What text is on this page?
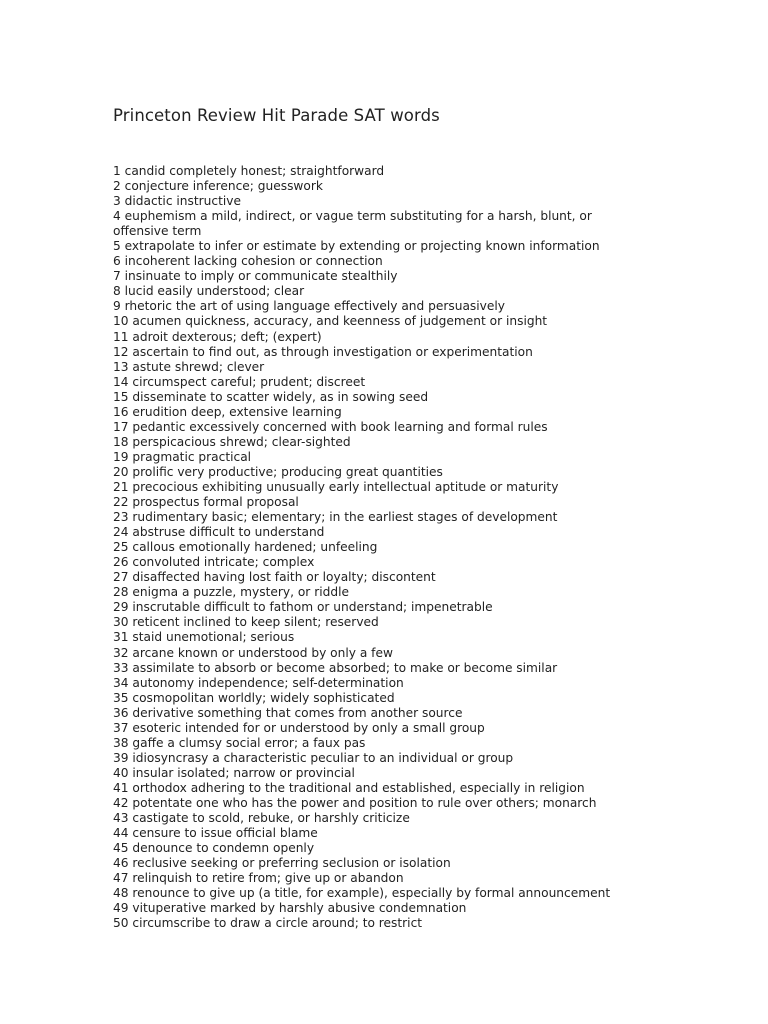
Princeton Review Hit Parade SAT words
1 candid completely honest; straightforward
2 conjecture inference; guesswork
3 didactic instructive
4 euphemism a mild, indirect, or vague term substituting for a harsh, blunt, or offensive term
5 extrapolate to infer or estimate by extending or projecting known information
6 incoherent lacking cohesion or connection
7 insinuate to imply or communicate stealthily
8 lucid easily understood; clear
9 rhetoric the art of using language effectively and persuasively
10 acumen quickness, accuracy, and keenness of judgement or insight
11 adroit dexterous; deft; (expert)
12 ascertain to find out, as through investigation or experimentation
13 astute shrewd; clever
14 circumspect careful; prudent; discreet
15 disseminate to scatter widely, as in sowing seed
16 erudition deep, extensive learning
17 pedantic excessively concerned with book learning and formal rules
18 perspicacious shrewd; clear-sighted
19 pragmatic practical
20 prolific very productive; producing great quantities
21 precocious exhibiting unusually early intellectual aptitude or maturity
22 prospectus formal proposal
23 rudimentary basic; elementary; in the earliest stages of development
24 abstruse difficult to understand
25 callous emotionally hardened; unfeeling
26 convoluted intricate; complex
27 disaffected having lost faith or loyalty; discontent
28 enigma a puzzle, mystery, or riddle
29 inscrutable difficult to fathom or understand; impenetrable
30 reticent inclined to keep silent; reserved
31 staid unemotional; serious
32 arcane known or understood by only a few
33 assimilate to absorb or become absorbed; to make or become similar
34 autonomy independence; self-determination
35 cosmopolitan worldly; widely sophisticated
36 derivative something that comes from another source
37 esoteric intended for or understood by only a small group
38 gaffe a clumsy social error; a faux pas
39 idiosyncrasy a characteristic peculiar to an individual or group
40 insular isolated; narrow or provincial
41 orthodox adhering to the traditional and established, especially in religion
42 potentate one who has the power and position to rule over others; monarch
43 castigate to scold, rebuke, or harshly criticize
44 censure to issue official blame
45 denounce to condemn openly
46 reclusive seeking or preferring seclusion or isolation
47 relinquish to retire from; give up or abandon
48 renounce to give up (a title, for example), especially by formal announcement
49 vituperative marked by harshly abusive condemnation
50 circumscribe to draw a circle around; to restrict
